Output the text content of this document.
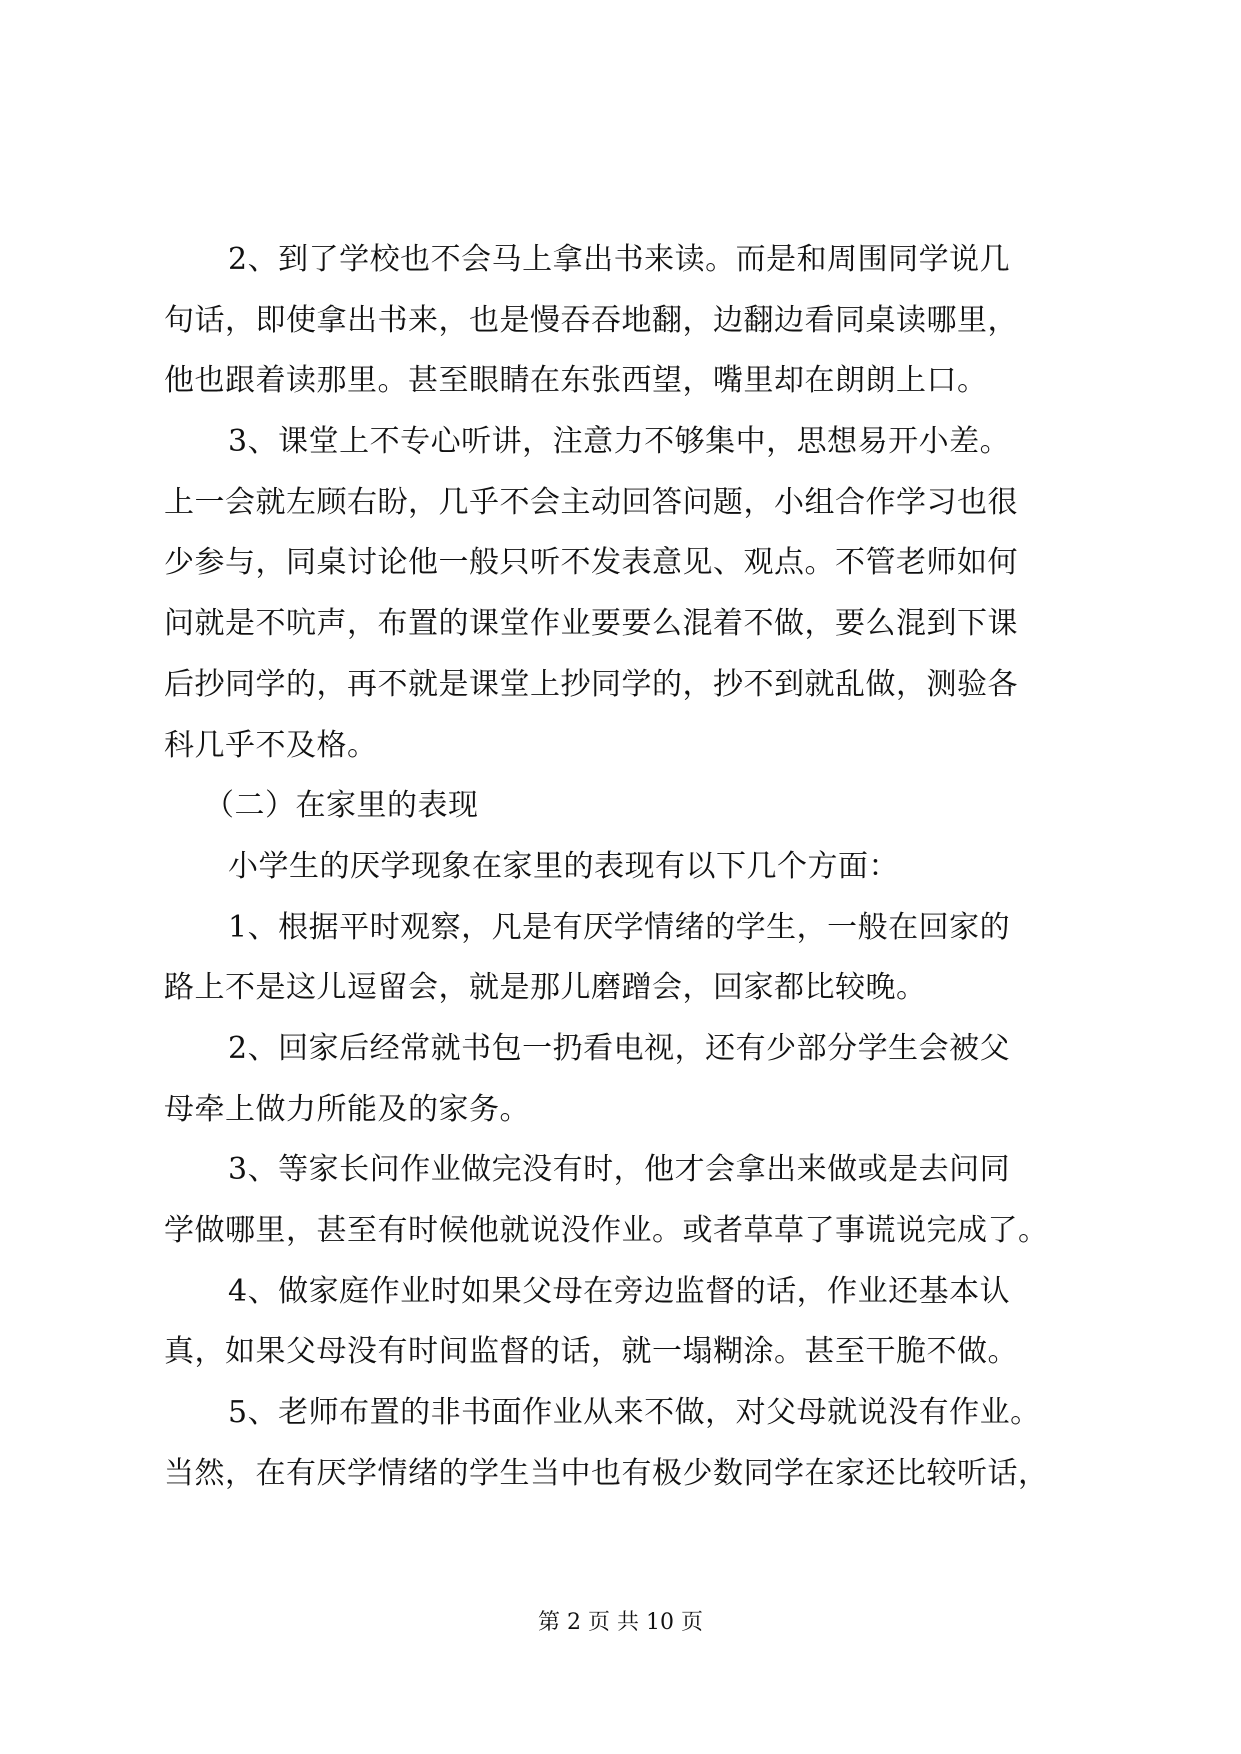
2、到了学校也不会马上拿出书来读。而是和周围同学说几
句话，即使拿出书来，也是慢吞吞地翻，边翻边看同桌读哪里，
他也跟着读那里。甚至眼睛在东张西望，嘴里却在朗朗上口。
3、课堂上不专心听讲，注意力不够集中，思想易开小差。
上一会就左顾右盼，几乎不会主动回答问题，小组合作学习也很
少参与，同桌讨论他一般只听不发表意见、观点。不管老师如何
问就是不吭声，布置的课堂作业要要么混着不做，要么混到下课
后抄同学的，再不就是课堂上抄同学的，抄不到就乱做，测验各
科几乎不及格。
（二）在家里的表现
小学生的厌学现象在家里的表现有以下几个方面：
1、根据平时观察，凡是有厌学情绪的学生，一般在回家的
路上不是这儿逗留会，就是那儿磨蹭会，回家都比较晚。
2、回家后经常就书包一扔看电视，还有少部分学生会被父
母牵上做力所能及的家务。
3、等家长问作业做完没有时，他才会拿出来做或是去问同
学做哪里，甚至有时候他就说没作业。或者草草了事谎说完成了。
4、做家庭作业时如果父母在旁边监督的话，作业还基本认
真，如果父母没有时间监督的话，就一塌糊涂。甚至干脆不做。
5、老师布置的非书面作业从来不做，对父母就说没有作业。
当然，在有厌学情绪的学生当中也有极少数同学在家还比较听话，
第 2 页 共 10 页
